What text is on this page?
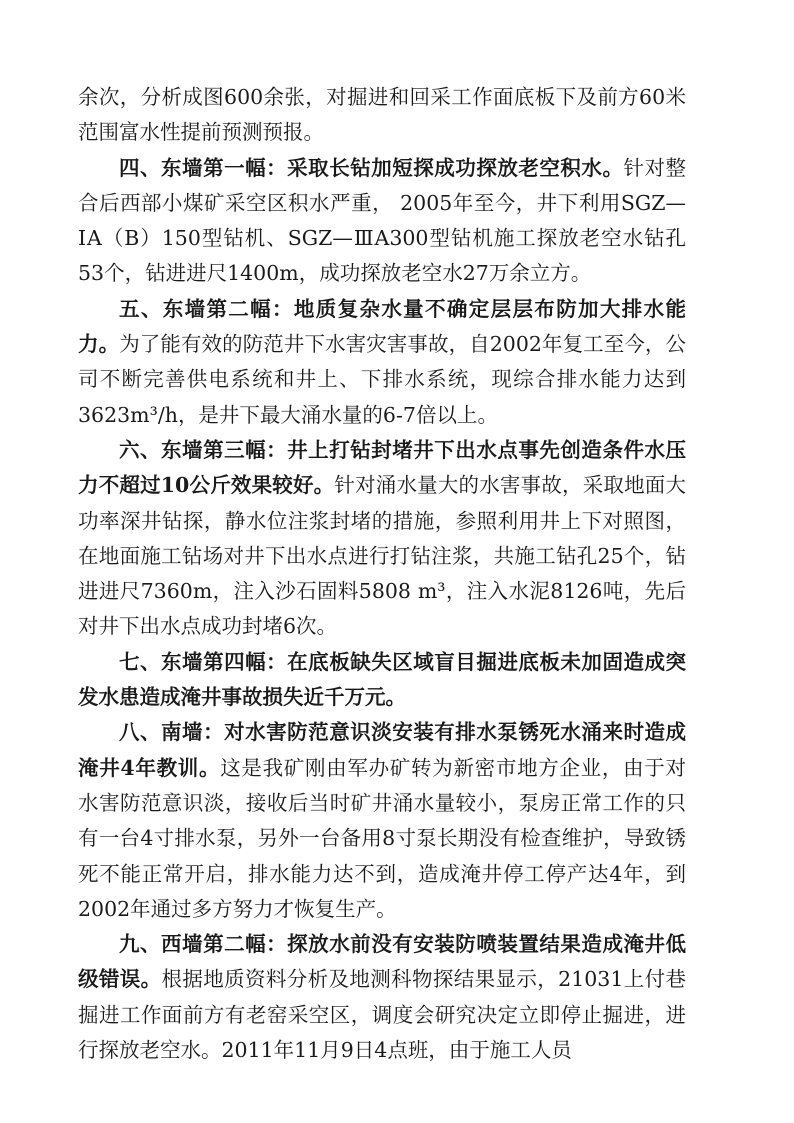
余次，分析成图600余张，对掘进和回采工作面底板下及前方60米范围富水性提前预测预报。

四、东墙第一幅：采取长钻加短探成功探放老空积水。针对整合后西部小煤矿采空区积水严重， 2005年至今，井下利用SGZ—ⅠA（B）150型钻机、SGZ—ⅢA300型钻机施工探放老空水钻孔53个，钻进进尺1400m，成功探放老空水27万余立方。

五、东墙第二幅：地质复杂水量不确定层层布防加大排水能力。为了能有效的防范井下水害灾害事故，自2002年复工至今，公司不断完善供电系统和井上、下排水系统，现综合排水能力达到3623m³/h，是井下最大涌水量的6-7倍以上。

六、东墙第三幅：井上打钻封堵井下出水点事先创造条件水压力不超过10公斤效果较好。针对涌水量大的水害事故，采取地面大功率深井钻探，静水位注浆封堵的措施，参照利用井上下对照图，在地面施工钻场对井下出水点进行打钻注浆，共施工钻孔25个，钻进进尺7360m，注入沙石固料5808 m³，注入水泥8126吨，先后对井下出水点成功封堵6次。

七、东墙第四幅：在底板缺失区域盲目掘进底板未加固造成突发水患造成淹井事故损失近千万元。

八、南墙：对水害防范意识淡安装有排水泵锈死水涌来时造成淹井4年教训。这是我矿刚由军办矿转为新密市地方企业，由于对水害防范意识淡，接收后当时矿井涌水量较小，泵房正常工作的只有一台4寸排水泵，另外一台备用8寸泵长期没有检查维护，导致锈死不能正常开启，排水能力达不到，造成淹井停工停产达4年，到2002年通过多方努力才恢复生产。

九、西墙第二幅：探放水前没有安装防喷装置结果造成淹井低级错误。根据地质资料分析及地测科物探结果显示，21031上付巷掘进工作面前方有老窑采空区，调度会研究决定立即停止掘进，进行探放老空水。2011年11月9日4点班，由于施工人员
